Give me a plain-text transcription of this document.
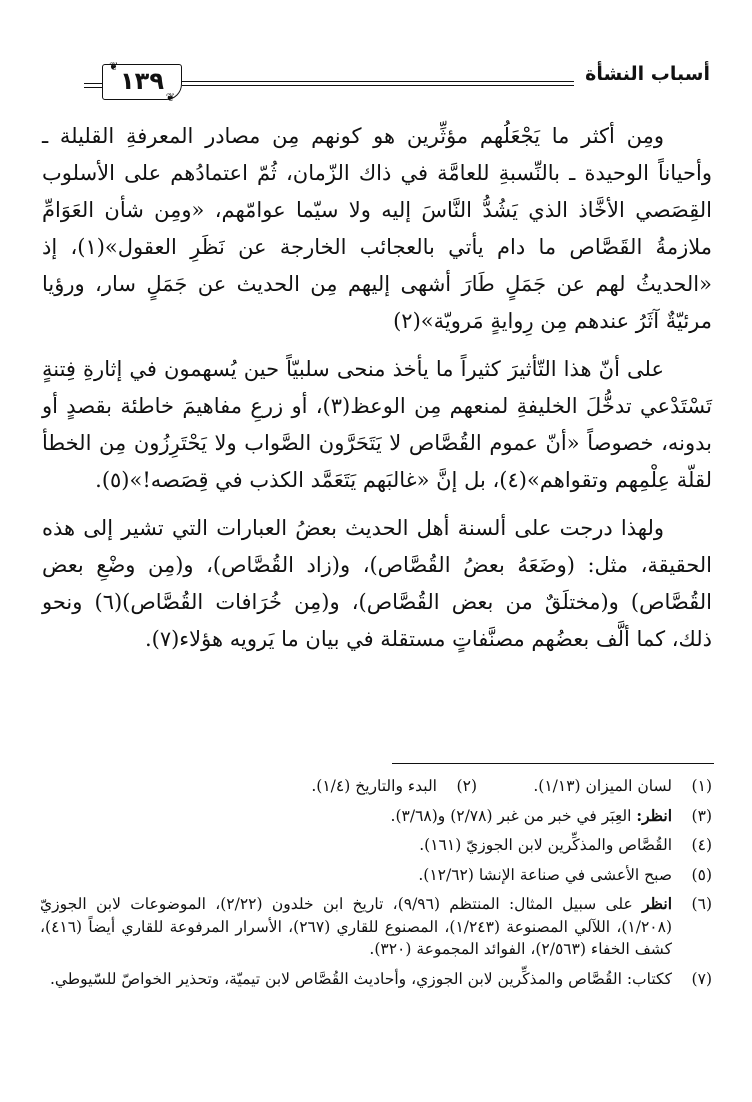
أسباب النشأة
❦
❦
١٣٩

ومِن أكثر ما يَجْعَلُهم مؤثِّرين هو كونهم مِن مصادر المعرفةِ القليلة ـ وأحياناً الوحيدة ـ بالنِّسبةِ للعامَّة في ذاك الزّمان، ثُمّ اعتمادُهم على الأسلوب القِصَصي الأخَّاذ الذي يَشُدُّ النَّاسَ إليه ولا سيّما عوامّهم، «ومِن شأن العَوَامِّ ملازمةُ القَصَّاص ما دام يأتي بالعجائب الخارجة عن نَظَرِ العقول»(١)، إذ «الحديثُ لهم عن جَمَلٍ طَارَ أشهى إليهم مِن الحديث عن جَمَلٍ سار، ورؤيا مرئيّةٌ آثَرُ عندهم مِن رِوايةٍ مَرويّة»(٢)

على أنّ هذا التّأثيرَ كثيراً ما يأخذ منحى سلبيّاً حين يُسهمون في إثارةِ فِتنةٍ تَسْتَدْعي تدخُّلَ الخليفةِ لمنعهم مِن الوعظ(٣)، أو زرعِ مفاهيمَ خاطئة بقصدٍ أو بدونه، خصوصاً «أنّ عموم القُصَّاص لا يَتَحَرَّون الصَّواب ولا يَحْتَرِزُون مِن الخطأ لقلّة عِلْمِهم وتقواهم»(٤)، بل إنَّ «غالبَهم يَتَعَمَّد الكذب في قِصَصه!»(٥).

ولهذا درجت على ألسنة أهل الحديث بعضُ العبارات التي تشير إلى هذه الحقيقة، مثل: (وضَعَهُ بعضُ القُصَّاص)، و(زاد القُصَّاص)، و(مِن وضْعِ بعض القُصَّاص) و(مختلَقٌ من بعض القُصَّاص)، و(مِن خُرَافات القُصَّاص)(٦) ونحو ذلك، كما ألَّف بعضُهم مصنَّفاتٍ مستقلة في بيان ما يَرويه هؤلاء(٧).

(١)
لسان الميزان (١/١٣).
(٢)
البدء والتاريخ (١/٤).
(٣)
انظر: العِبَر في خبر من غبر (٢/٧٨) و(٣/٦٨).
(٤)
القُصَّاص والمذكِّرين لابن الجوزيّ (١٦١).
(٥)
صبح الأعشى في صناعة الإنشا (١٢/٦٢).
(٦)
انظر على سبيل المثال: المنتظم (٩/٩٦)، تاريخ ابن خلدون (٢/٢٢)، الموضوعات لابن الجوزيّ (١/٢٠٨)، اللآلي المصنوعة (١/٢٤٣)، المصنوع للقاري (٢٦٧)، الأسرار المرفوعة للقاري أيضاً (٤١٦)، كشف الخفاء (٢/٥٦٣)، الفوائد المجموعة (٣٢٠).
(٧)
ككتاب: القُصَّاص والمذكِّرين لابن الجوزي، وأحاديث القُصَّاص لابن تيميّة، وتحذير الخواصّ للسّيوطي.
